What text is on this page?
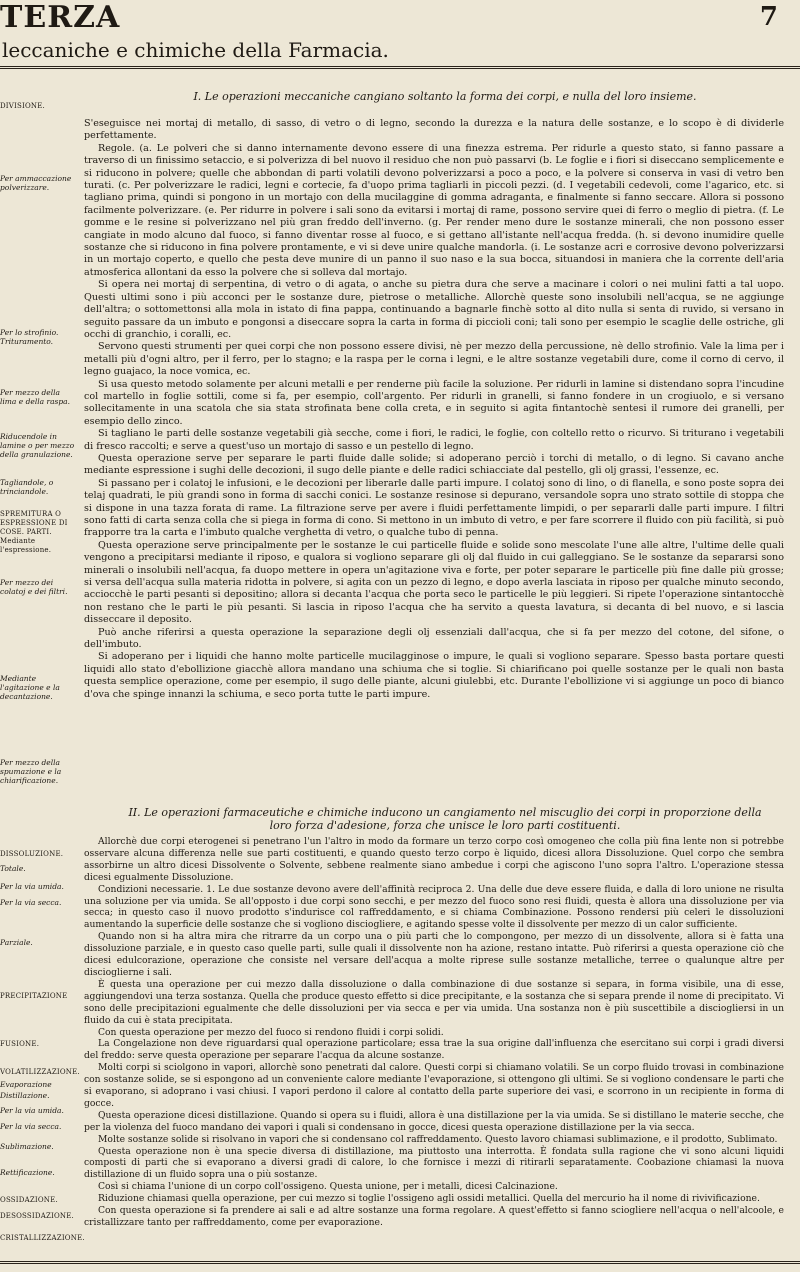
TERZA	7
leccaniche e chimiche della Farmacia.
I. Le operazioni meccaniche cangiano soltanto la forma dei corpi, e nulla del loro insieme.
DIVISIONE.
Per ammaccazione polverizzare.
Per lo strofinio. Trituramento.
Per mezzo della lima e della raspa.
Riducendole in lamine o per mezzo della granulazione.
Tagliandole, o trinciandole.
SPREMITURA O ESPRESSIONE DI COSE. PARTI. Mediante l'espressione.
Per mezzo dei colatoj e dei filtri.
Mediante l'agitazione e la decantazione.
Per mezzo della spumazione e la chiarificazione.

S'eseguisce nei mortaj di metallo, di sasso, di vetro o di legno, secondo la durezza e la natura delle sostanze, e lo scopo è di dividerle perfettamente.

Regole. (a. Le polveri che si danno internamente devono essere di una finezza estrema. Per ridurle a questo stato, si fanno passare a traverso di un finissimo setaccio, e si polverizza di bel nuovo il residuo che non può passarvi (b. Le foglie e i fiori si diseccano semplicemente e si riducono in polvere; quelle che abbondan di parti volatili devono polverizzarsi a poco a poco, e la polvere si conserva in vasi di vetro ben turati. (c. Per polverizzare le radici, legni e cortecie, fa d'uopo prima tagliarli in piccoli pezzi. (d. I vegetabili cedevoli, come l'agarico, etc. si tagliano prima, quindi si pongono in un mortajo con della mucilaggine di gomma adraganta, e finalmente si fanno seccare. Allora si possono facilmente polverizzare. (e. Per ridurre in polvere i sali sono da evitarsi i mortaj di rame, possono servire quei di ferro o meglio di pietra. (f. Le gomme e le resine si polverizzano nel più gran freddo dell'inverno. (g. Per render meno dure le sostanze minerali, che non possono esser cangiate in modo alcuno dal fuoco, si fanno diventar rosse al fuoco, e si gettano all'istante nell'acqua fredda. (h. si devono inumidire quelle sostanze che si riducono in fina polvere prontamente, e vi si deve unire qualche mandorla. (i. Le sostanze acri e corrosive devono polverizzarsi in un mortajo coperto, e quello che pesta deve munire di un panno il suo naso e la sua bocca, situandosi in maniera che la corrente dell'aria atmosferica allontani da esso la polvere che si solleva dal mortajo.

Si opera nei mortaj di serpentina, di vetro o di agata, o anche su pietra dura che serve a macinare i colori o nei mulini fatti a tal uopo. Questi ultimi sono i più acconci per le sostanze dure, pietrose o metalliche. Allorchè queste sono insolubili nell'acqua, se ne aggiunge dell'altra; o sottomettonsi alla mola in istato di fina pappa, continuando a bagnarle finchè sotto al dito nulla si senta di ruvido, si versano in seguito passare da un imbuto e pongonsi a diseccare sopra la carta in forma di piccioli coni; tali sono per esempio le scaglie delle ostriche, gli occhi di granchio, i coralli, ec.

Servono questi strumenti per quei corpi che non possono essere divisi, nè per mezzo della percussione, nè dello strofinio. Vale la lima per i metalli più d'ogni altro, per il ferro, per lo stagno; e la raspa per le corna i legni, e le altre sostanze vegetabili dure, come il corno di cervo, il legno guajaco, la noce vomica, ec.

Si usa questo metodo solamente per alcuni metalli e per renderne più facile la soluzione. Per ridurli in lamine si distendano sopra l'incudine col martello in foglie sottili, come si fa, per esempio, coll'argento. Per ridurli in granelli, si fanno fondere in un crogiuolo, e si versano sollecitamente in una scatola che sia stata strofinata bene colla creta, e in seguito si agita fintantochè sentesi il rumore dei granelli, per esempio dello zinco.

Si tagliano le parti delle sostanze vegetabili già secche, come i fiori, le radici, le foglie, con coltello retto o ricurvo. Si triturano i vegetabili di fresco raccolti; e serve a quest'uso un mortajo di sasso e un pestello di legno.

Questa operazione serve per separare le parti fluide dalle solide; si adoperano perciò i torchi di metallo, o di legno. Si cavano anche mediante espressione i sughi delle decozioni, il sugo delle piante e delle radici schiacciate dal pestello, gli olj grassi, l'essenze, ec.

Si passano per i colatoj le infusioni, e le decozioni per liberarle dalle parti impure. I colatoj sono di lino, o di flanella, e sono poste sopra dei telaj quadrati, le più grandi sono in forma di sacchi conici. Le sostanze resinose si depurano, versandole sopra uno strato sottile di stoppa che si dispone in una tazza forata di rame. La filtrazione serve per avere i fluidi perfettamente limpidi, o per separarli dalle parti impure. I filtri sono fatti di carta senza colla che si piega in forma di cono. Si mettono in un imbuto di vetro, e per fare scorrere il fluido con più facilità, si può frapporre tra la carta e l'imbuto qualche verghetta di vetro, o qualche tubo di penna.

Questa operazione serve principalmente per le sostanze le cui particelle fluide e solide sono mescolate l'une alle altre, l'ultime delle quali vengono a precipitarsi mediante il riposo, e qualora si vogliono separare gli olj dal fluido in cui galleggiano. Se le sostanze da separarsi sono minerali o insolubili nell'acqua, fa duopo mettere in opera un'agitazione viva e forte, per poter separare le particelle più fine dalle più grosse; si versa dell'acqua sulla materia ridotta in polvere, si agita con un pezzo di legno, e dopo averla lasciata in riposo per qualche minuto secondo, acciocchè le parti pesanti si depositino; allora si decanta l'acqua che porta seco le particelle le più leggieri. Si ripete l'operazione sintantocchè non restano che le parti le più pesanti. Si lascia in riposo l'acqua che ha servito a questa lavatura, si decanta di bel nuovo, e si lascia disseccare il deposito.

Può anche riferirsi a questa operazione la separazione degli olj essenziali dall'acqua, che si fa per mezzo del cotone, del sifone, o dell'imbuto.

Si adoperano per i liquidi che hanno molte particelle mucilagginose o impure, le quali si vogliono separare. Spesso basta portare questi liquidi allo stato d'ebollizione giacchè allora mandano una schiuma che si toglie. Si chiarificano poi quelle sostanze per le quali non basta questa semplice operazione, come per esempio, il sugo delle piante, alcuni giulebbi, etc. Durante l'ebollizione vi si aggiunge un poco di bianco d'ova che spinge innanzi la schiuma, e seco porta tutte le parti impure.

II. Le operazioni farmaceutiche e chimiche inducono un cangiamento nel miscuglio dei corpi in proporzione della loro forza d'adesione, forza che unisce le loro parti costituenti.
DISSOLUZIONE.
Totale.
Per la via umida.
Per la via secca.
Parziale.
PRECIPITAZIONE
FUSIONE.
VOLATILIZZAZIONE.
Evaporazione
Distillazione.
Per la via umida.
Per la via secca.
Sublimazione.
Rettificazione.
OSSIDAZIONE.
DESOSSIDAZIONE.
CRISTALLIZZAZIONE.

Allorchè due corpi eterogenei si penetrano l'un l'altro in modo da formare un terzo corpo così omogeneo che colla più fina lente non si potrebbe osservare alcuna differenza nelle sue parti costituenti, e quando questo terzo corpo è liquido, dicesi allora Dissoluzione. Quel corpo che sembra assorbirne un altro dicesi Dissolvente o Solvente, sebbene realmente siano ambedue i corpi che agiscono l'uno sopra l'altro. L'operazione stessa dicesi egualmente Dissoluzione.

Condizioni necessarie. 1. Le due sostanze devono avere dell'affinità reciproca 2. Una delle due deve essere fluida, e dalla di loro unione ne risulta una soluzione per via umida. Se all'opposto i due corpi sono secchi, e per mezzo del fuoco sono resi fluidi, questa è allora una dissoluzione per via secca; in questo caso il nuovo prodotto s'indurisce col raffreddamento, e si chiama Combinazione. Possono rendersi più celeri le dissoluzioni aumentando la superficie delle sostanze che si vogliono disciogliere, e agitando spesse volte il dissolvente per mezzo di un calor sufficiente.

Quando non si ha altra mira che ritrarre da un corpo una o più parti che lo compongono, per mezzo di un dissolvente, allora si è fatta una dissoluzione parziale, e in questo caso quelle parti, sulle quali il dissolvente non ha azione, restano intatte. Può riferirsi a questa operazione ciò che dicesi edulcorazione, operazione che consiste nel versare dell'acqua a molte riprese sulle sostanze metalliche, terree o qualunque altre per discioglierne i sali.

È questa una operazione per cui mezzo dalla dissoluzione o dalla combinazione di due sostanze si separa, in forma visibile, una di esse, aggiungendovi una terza sostanza. Quella che produce questo effetto si dice precipitante, e la sostanza che si separa prende il nome di precipitato. Vi sono delle precipitazioni egualmente che delle dissoluzioni per via secca e per via umida. Una sostanza non è più suscettibile a disciogliersi in un fluido da cui è stata precipitata.

Con questa operazione per mezzo del fuoco si rendono fluidi i corpi solidi.

La Congelazione non deve riguardarsi qual operazione particolare; essa trae la sua origine dall'influenza che esercitano sui corpi i gradi diversi del freddo: serve questa operazione per separare l'acqua da alcune sostanze.

Molti corpi si sciolgono in vapori, allorchè sono penetrati dal calore. Questi corpi si chiamano volatili. Se un corpo fluido trovasi in combinazione con sostanze solide, se si espongono ad un conveniente calore mediante l'evaporazione, si ottengono gli ultimi. Se si vogliono condensare le parti che si evaporano, si adoprano i vasi chiusi. I vapori perdono il calore al contatto della parte superiore dei vasi, e scorrono in un recipiente in forma di gocce.

Questa operazione dicesi distillazione. Quando si opera su i fluidi, allora è una distillazione per la via umida. Se si distillano le materie secche, che per la violenza del fuoco mandano dei vapori i quali si condensano in gocce, dicesi questa operazione distillazione per la via secca.

Molte sostanze solide si risolvano in vapori che si condensano col raffreddamento. Questo lavoro chiamasi sublimazione, e il prodotto, Sublimato.

Questa operazione non è una specie diversa di distillazione, ma piuttosto una interrotta. È fondata sulla ragione che vi sono alcuni liquidi composti di parti che si evaporano a diversi gradi di calore, lo che fornisce i mezzi di ritirarli separatamente. Coobazione chiamasi la nuova distillazione di un fluido sopra una o più sostanze.

Così si chiama l'unione di un corpo coll'ossigeno. Questa unione, per i metalli, dicesi Calcinazione.

Riduzione chiamasi quella operazione, per cui mezzo si toglie l'ossigeno agli ossidi metallici. Quella del mercurio ha il nome di rivivificazione.

Con questa operazione si fa prendere ai sali e ad altre sostanze una forma regolare. A quest'effetto si fanno sciogliere nell'acqua o nell'alcoole, e cristallizzare tanto per raffreddamento, come per evaporazione.
